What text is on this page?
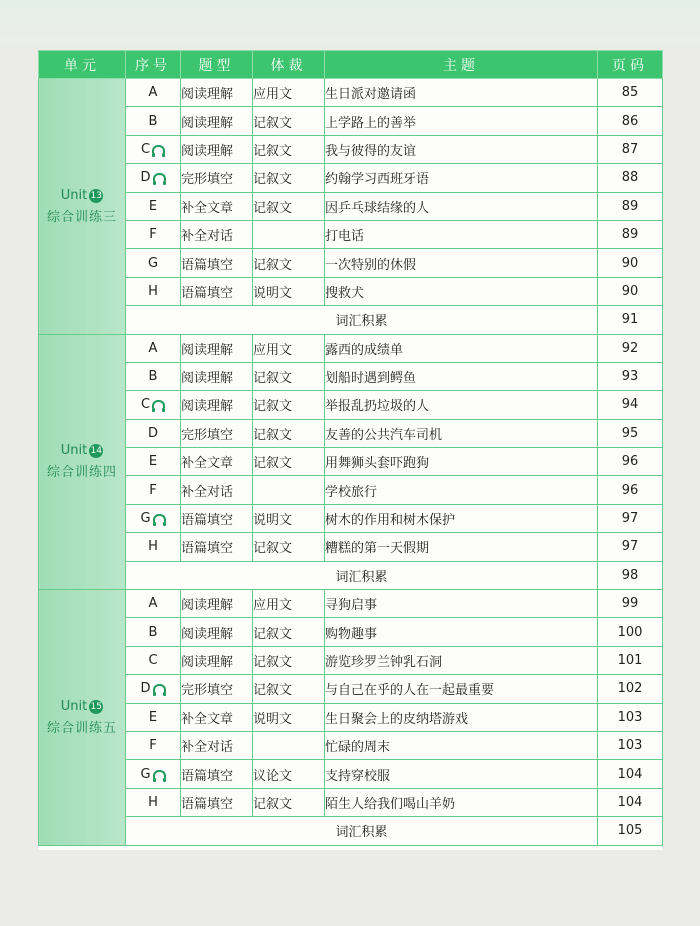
单元	序号	题型	体裁	主题	页码

Unit 13
综合训练三	A	阅读理解	应用文	生日派对邀请函	85
	B	阅读理解	记叙文	上学路上的善举	86
	C	阅读理解	记叙文	我与彼得的友谊	87
	D	完形填空	记叙文	约翰学习西班牙语	88
	E	补全文章	记叙文	因乒乓球结缘的人	89
	F	补全对话		打电话	89
	G	语篇填空	记叙文	一次特别的休假	90
	H	语篇填空	说明文	搜救犬	90
	词汇积累				91

Unit 14
综合训练四	A	阅读理解	应用文	露西的成绩单	92
	B	阅读理解	记叙文	划船时遇到鳄鱼	93
	C	阅读理解	记叙文	举报乱扔垃圾的人	94
	D	完形填空	记叙文	友善的公共汽车司机	95
	E	补全文章	记叙文	用舞狮头套吓跑狗	96
	F	补全对话		学校旅行	96
	G	语篇填空	说明文	树木的作用和树木保护	97
	H	语篇填空	记叙文	糟糕的第一天假期	97
	词汇积累				98

Unit 15
综合训练五	A	阅读理解	应用文	寻狗启事	99
	B	阅读理解	记叙文	购物趣事	100
	C	阅读理解	记叙文	游览珍罗兰钟乳石洞	101
	D	完形填空	记叙文	与自己在乎的人在一起最重要	102
	E	补全文章	说明文	生日聚会上的皮纳塔游戏	103
	F	补全对话		忙碌的周末	103
	G	语篇填空	议论文	支持穿校服	104
	H	语篇填空	记叙文	陌生人给我们喝山羊奶	104
	词汇积累				105
